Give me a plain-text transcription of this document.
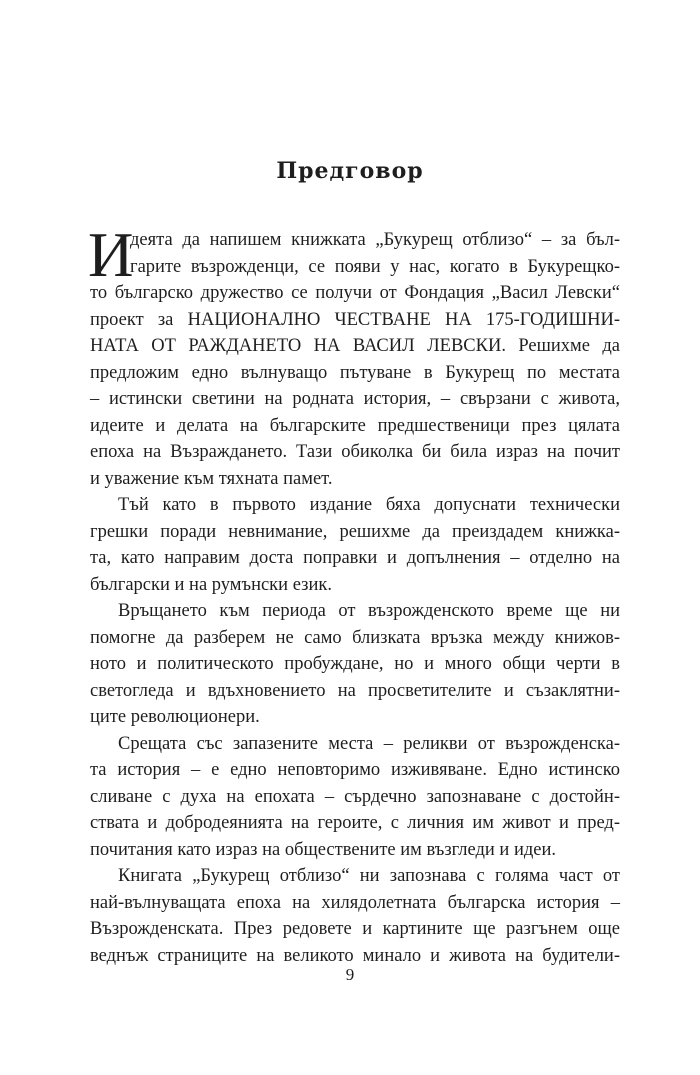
Предговор
И
деята да напишем книжката „Букурещ отблизо“ – за бъл-
гарите възрожденци, се появи у нас, когато в Букурещко-
то българско дружество се получи от Фондация „Васил Левски“
проект за НАЦИОНАЛНО ЧЕСТВАНЕ НА 175-ГОДИШНИ-
НАТА ОТ РАЖДАНЕТО НА ВАСИЛ ЛЕВСКИ. Решихме да
предложим едно вълнуващо пътуване в Букурещ по местата
– истински светини на родната история, – свързани с живота,
идеите и делата на българските предшественици през цялата
епоха на Възраждането. Тази обиколка би била израз на почит
и уважение към тяхната памет.
Тъй като в първото издание бяха допуснати технически
грешки поради невнимание, решихме да преиздадем книжка-
та, като направим доста поправки и допълнения – отделно на
български и на румънски език.
Връщането към периода от възрожденското време ще ни
помогне да разберем не само близката връзка между книжов-
ното и политическото пробуждане, но и много общи черти в
светогледа и вдъхновението на просветителите и съзаклятни-
ците революционери.
Срещата със запазените места – реликви от възрожденска-
та история – е едно неповторимо изживяване. Едно истинско
сливане с духа на епохата – сърдечно запознаване с достойн-
ствата и добродеянията на героите, с личния им живот и пред-
почитания като израз на обществените им възгледи и идеи.
Книгата „Букурещ отблизо“ ни запознава с голяма част от
най-вълнуващата епоха на хилядолетната българска история –
Възрожденската. През редовете и картините ще разгънем още
веднъж страниците на великото минало и живота на будители-
9
